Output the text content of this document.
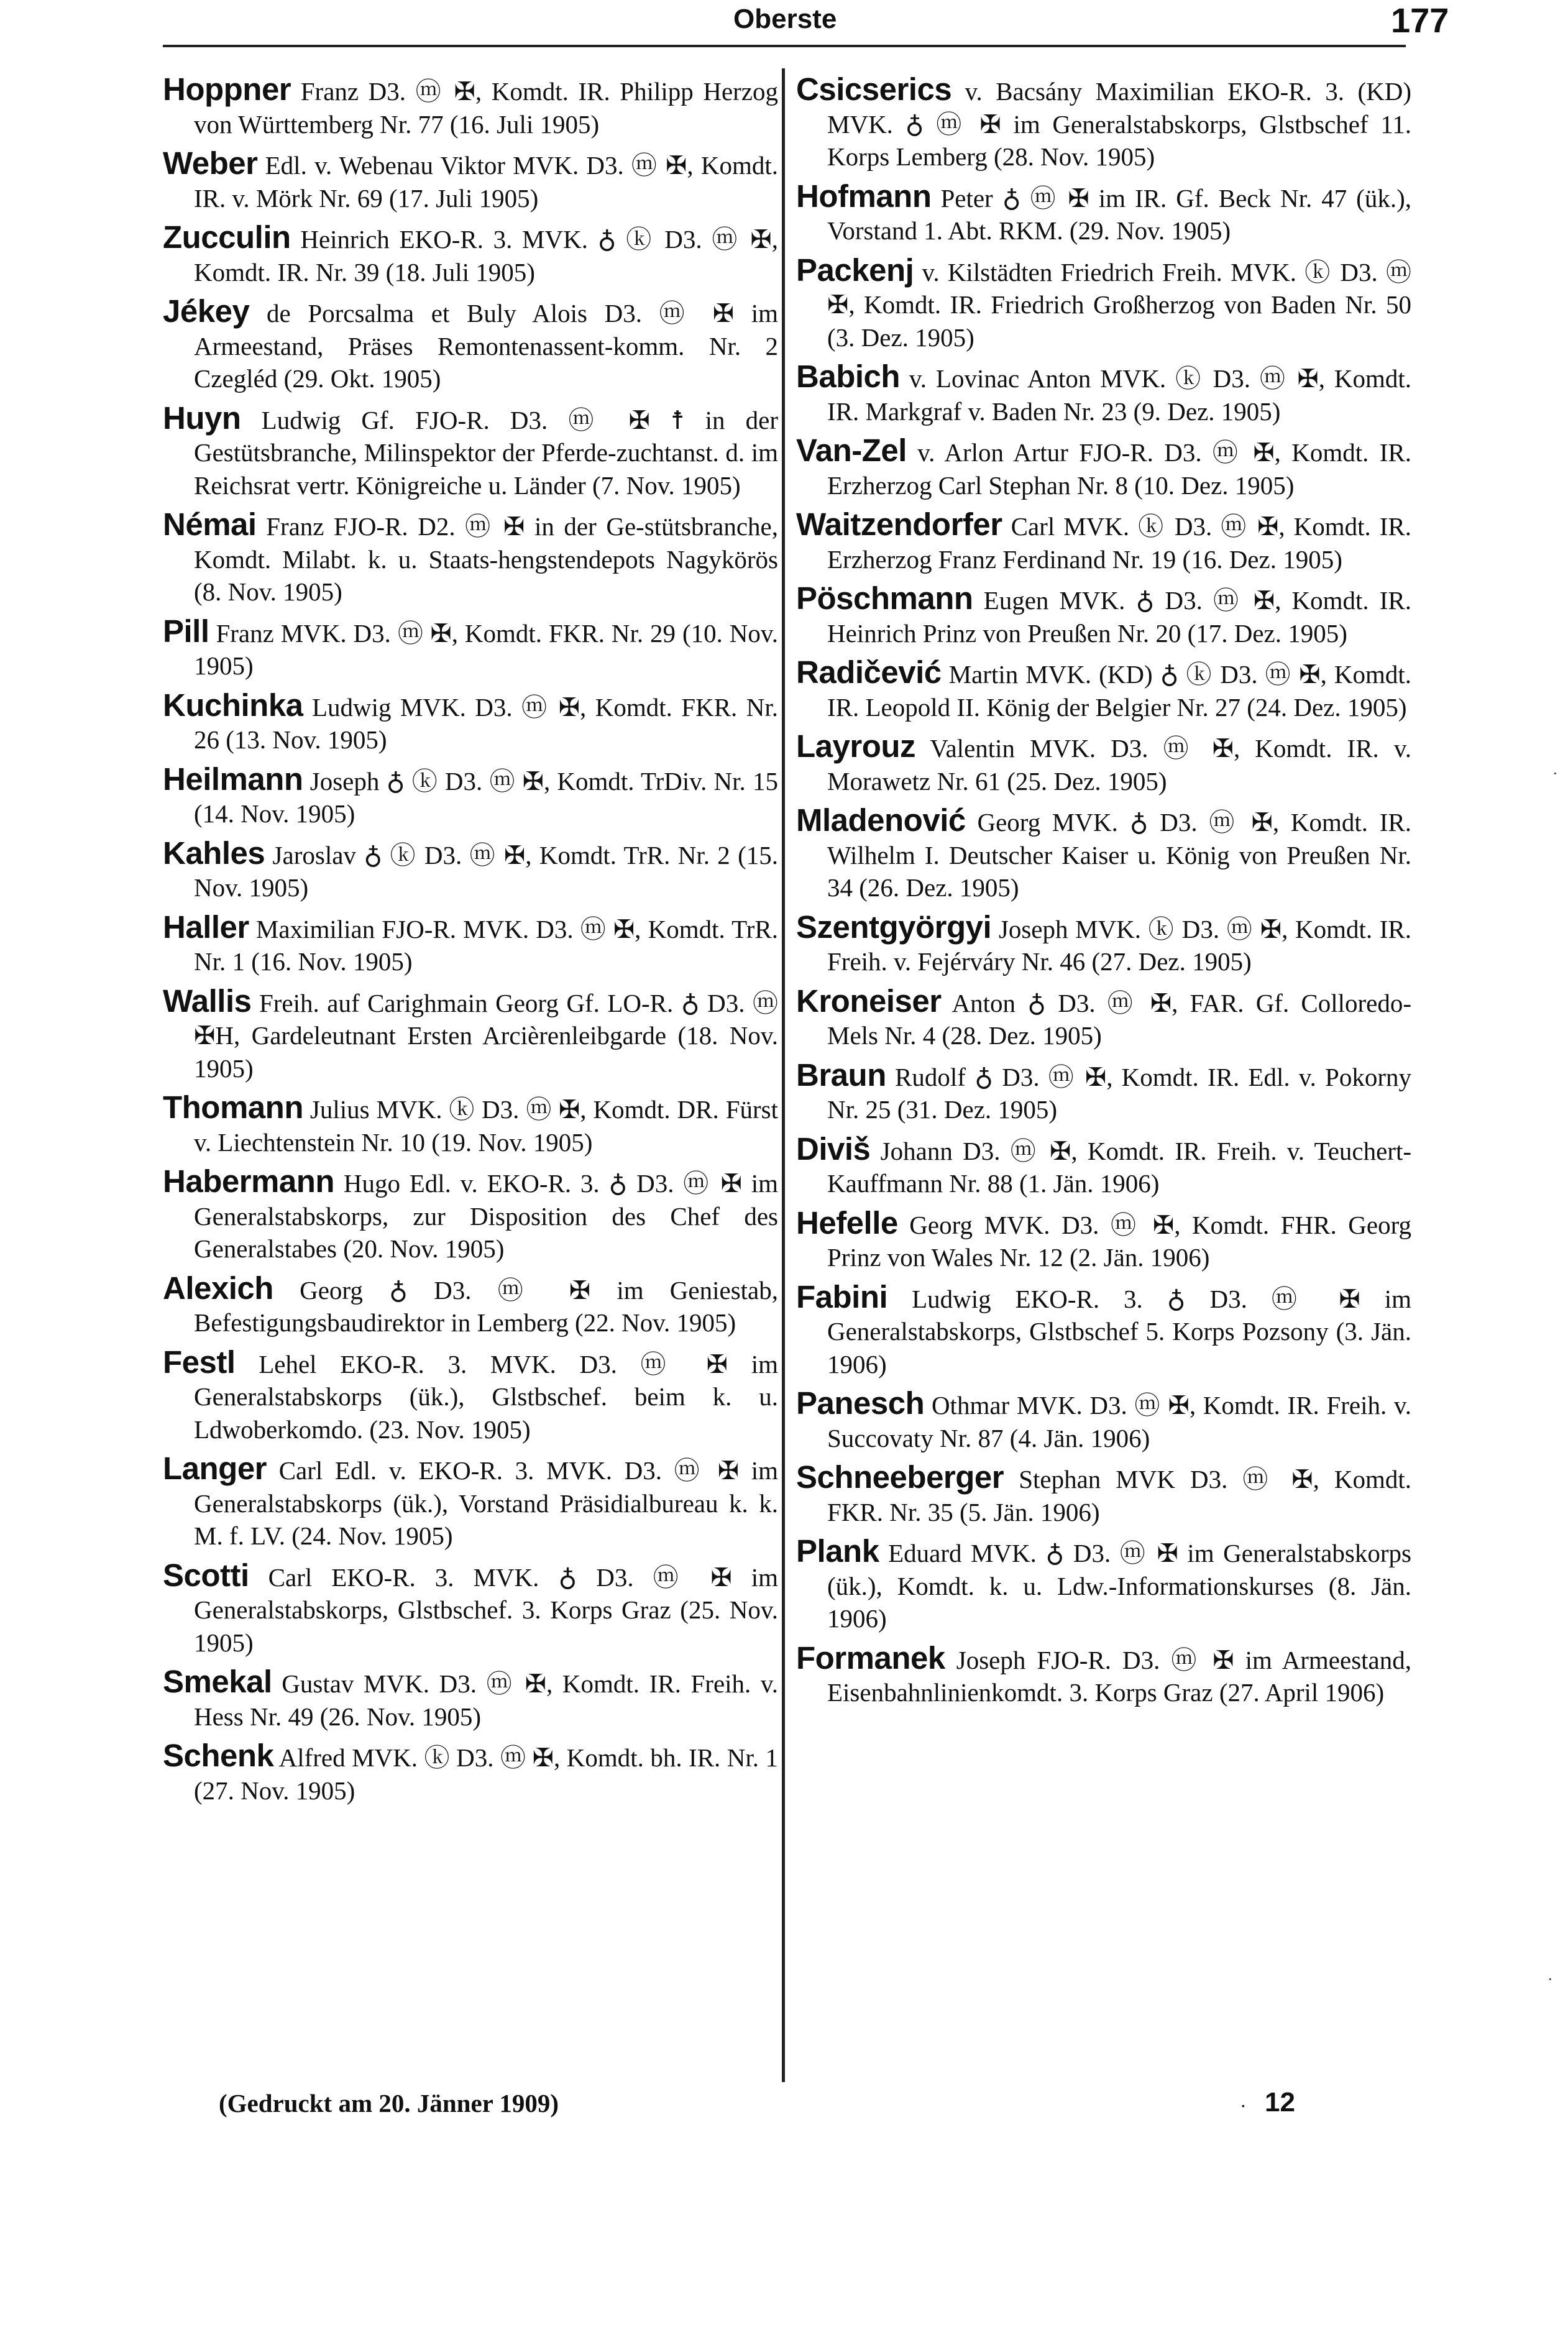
Oberste	177

Hoppner Franz D3. ⓜ ✠, Komdt. IR. Philipp Herzog von Württemberg Nr. 77 (16. Juli 1905)

Weber Edl. v. Webenau Viktor MVK. D3. ⓜ ✠, Komdt. IR. v. Mörk Nr. 69 (17. Juli 1905)

Zucculin Heinrich EKO-R. 3. MVK. ♁ ⓚ D3. ⓜ ✠, Komdt. IR. Nr. 39 (18. Juli 1905)

Jékey de Porcsalma et Buly Alois D3. ⓜ ✠ im Armeestand, Präses Remontenassent-komm. Nr. 2 Czegléd (29. Okt. 1905)

Huyn Ludwig Gf. FJO-R. D3. ⓜ ✠ ☨ in der Gestütsbranche, Milinspektor der Pferde-zuchtanst. d. im Reichsrat vertr. Königreiche u. Länder (7. Nov. 1905)

Némai Franz FJO-R. D2. ⓜ ✠ in der Ge-stütsbranche, Komdt. Milabt. k. u. Staats-hengstendepots Nagykörös (8. Nov. 1905)

Pill Franz MVK. D3. ⓜ ✠, Komdt. FKR. Nr. 29 (10. Nov. 1905)

Kuchinka Ludwig MVK. D3. ⓜ ✠, Komdt. FKR. Nr. 26 (13. Nov. 1905)

Heilmann Joseph ♁ ⓚ D3. ⓜ ✠, Komdt. TrDiv. Nr. 15 (14. Nov. 1905)

Kahles Jaroslav ♁ ⓚ D3. ⓜ ✠, Komdt. TrR. Nr. 2 (15. Nov. 1905)

Haller Maximilian FJO-R. MVK. D3. ⓜ ✠, Komdt. TrR. Nr. 1 (16. Nov. 1905)

Wallis Freih. auf Carighmain Georg Gf. LO-R. ♁ D3. ⓜ ✠H, Gardeleutnant Ersten Arcièrenleibgarde (18. Nov. 1905)

Thomann Julius MVK. ⓚ D3. ⓜ ✠, Komdt. DR. Fürst v. Liechtenstein Nr. 10 (19. Nov. 1905)

Habermann Hugo Edl. v. EKO-R. 3. ♁ D3. ⓜ ✠ im Generalstabskorps, zur Disposition des Chef des Generalstabes (20. Nov. 1905)

Alexich Georg ♁ D3. ⓜ ✠ im Geniestab, Befestigungsbaudirektor in Lemberg (22. Nov. 1905)

Festl Lehel EKO-R. 3. MVK. D3. ⓜ ✠ im Generalstabskorps (ük.), Glstbschef. beim k. u. Ldwoberkomdo. (23. Nov. 1905)

Langer Carl Edl. v. EKO-R. 3. MVK. D3. ⓜ ✠ im Generalstabskorps (ük.), Vorstand Präsidialbureau k. k. M. f. LV. (24. Nov. 1905)

Scotti Carl EKO-R. 3. MVK. ♁ D3. ⓜ ✠ im Generalstabskorps, Glstbschef. 3. Korps Graz (25. Nov. 1905)

Smekal Gustav MVK. D3. ⓜ ✠, Komdt. IR. Freih. v. Hess Nr. 49 (26. Nov. 1905)

Schenk Alfred MVK. ⓚ D3. ⓜ ✠, Komdt. bh. IR. Nr. 1 (27. Nov. 1905)

Csicserics v. Bacsány Maximilian EKO-R. 3. (KD) MVK. ♁ ⓜ ✠ im Generalstabskorps, Glstbschef 11. Korps Lemberg (28. Nov. 1905)

Hofmann Peter ♁ ⓜ ✠ im IR. Gf. Beck Nr. 47 (ük.), Vorstand 1. Abt. RKM. (29. Nov. 1905)

Packenj v. Kilstädten Friedrich Freih. MVK. ⓚ D3. ⓜ ✠, Komdt. IR. Friedrich Großherzog von Baden Nr. 50 (3. Dez. 1905)

Babich v. Lovinac Anton MVK. ⓚ D3. ⓜ ✠, Komdt. IR. Markgraf v. Baden Nr. 23 (9. Dez. 1905)

Van-Zel v. Arlon Artur FJO-R. D3. ⓜ ✠, Komdt. IR. Erzherzog Carl Stephan Nr. 8 (10. Dez. 1905)

Waitzendorfer Carl MVK. ⓚ D3. ⓜ ✠, Komdt. IR. Erzherzog Franz Ferdinand Nr. 19 (16. Dez. 1905)

Pöschmann Eugen MVK. ♁ D3. ⓜ ✠, Komdt. IR. Heinrich Prinz von Preußen Nr. 20 (17. Dez. 1905)

Radičević Martin MVK. (KD) ♁ ⓚ D3. ⓜ ✠, Komdt. IR. Leopold II. König der Belgier Nr. 27 (24. Dez. 1905)

Layrouz Valentin MVK. D3. ⓜ ✠, Komdt. IR. v. Morawetz Nr. 61 (25. Dez. 1905)

Mladenović Georg MVK. ♁ D3. ⓜ ✠, Komdt. IR. Wilhelm I. Deutscher Kaiser u. König von Preußen Nr. 34 (26. Dez. 1905)

Szentgyörgyi Joseph MVK. ⓚ D3. ⓜ ✠, Komdt. IR. Freih. v. Fejérváry Nr. 46 (27. Dez. 1905)

Kroneiser Anton ♁ D3. ⓜ ✠, FAR. Gf. Colloredo-Mels Nr. 4 (28. Dez. 1905)

Braun Rudolf ♁ D3. ⓜ ✠, Komdt. IR. Edl. v. Pokorny Nr. 25 (31. Dez. 1905)

Diviš Johann D3. ⓜ ✠, Komdt. IR. Freih. v. Teuchert-Kauffmann Nr. 88 (1. Jän. 1906)

Hefelle Georg MVK. D3. ⓜ ✠, Komdt. FHR. Georg Prinz von Wales Nr. 12 (2. Jän. 1906)

Fabini Ludwig EKO-R. 3. ♁ D3. ⓜ ✠ im Generalstabskorps, Glstbschef 5. Korps Pozsony (3. Jän. 1906)

Panesch Othmar MVK. D3. ⓜ ✠, Komdt. IR. Freih. v. Succovaty Nr. 87 (4. Jän. 1906)

Schneeberger Stephan MVK D3. ⓜ ✠, Komdt. FKR. Nr. 35 (5. Jän. 1906)

Plank Eduard MVK. ♁ D3. ⓜ ✠ im Generalstabskorps (ük.), Komdt. k. u. Ldw.-Informationskurses (8. Jän. 1906)

Formanek Joseph FJO-R. D3. ⓜ ✠ im Armeestand, Eisenbahnlinienkomdt. 3. Korps Graz (27. April 1906)

(Gedruckt am 20. Jänner 1909)	· 12
·
·
